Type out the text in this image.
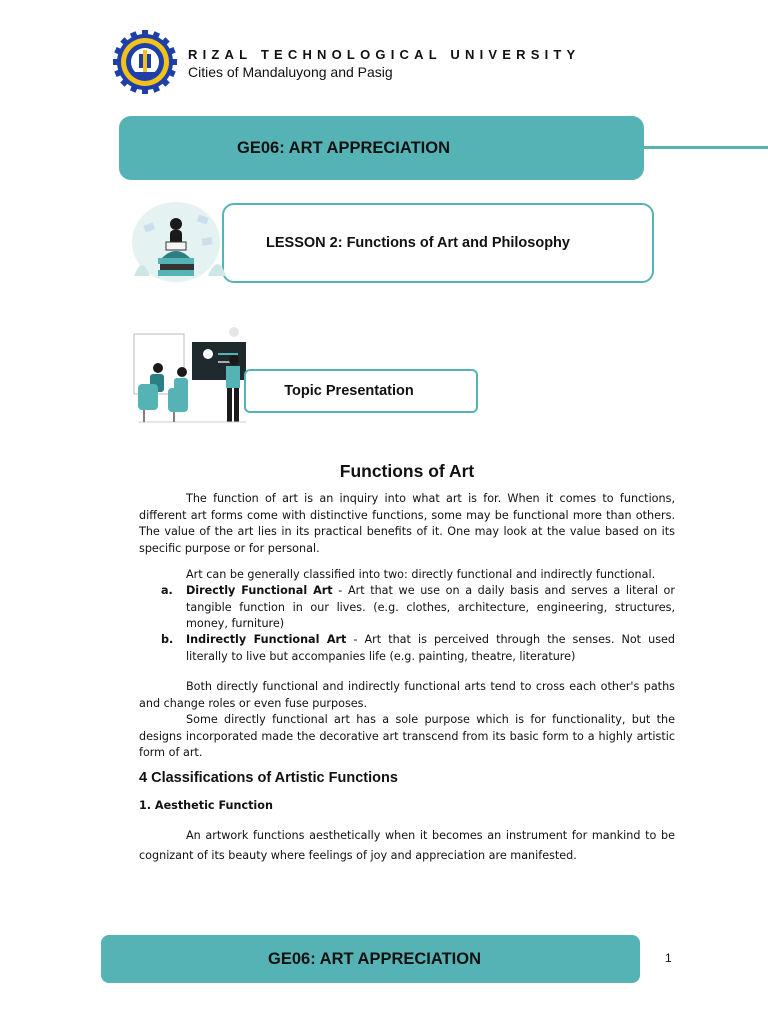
RIZAL TECHNOLOGICAL UNIVERSITY
Cities of Mandaluyong and Pasig
GE06: ART APPRECIATION
LESSON 2: Functions of Art and Philosophy
Topic Presentation
Functions of Art
The function of art is an inquiry into what art is for. When it comes to functions, different art forms come with distinctive functions, some may be functional more than others. The value of the art lies in its practical benefits of it. One may look at the value based on its specific purpose or for personal.
Art can be generally classified into two: directly functional and indirectly functional.
a. Directly Functional Art - Art that we use on a daily basis and serves a literal or tangible function in our lives. (e.g. clothes, architecture, engineering, structures, money, furniture)
b. Indirectly Functional Art - Art that is perceived through the senses. Not used literally to live but accompanies life (e.g. painting, theatre, literature)
Both directly functional and indirectly functional arts tend to cross each other's paths and change roles or even fuse purposes.
Some directly functional art has a sole purpose which is for functionality, but the designs incorporated made the decorative art transcend from its basic form to a highly artistic form of art.
4 Classifications of Artistic Functions
1. Aesthetic Function
An artwork functions aesthetically when it becomes an instrument for mankind to be cognizant of its beauty where feelings of joy and appreciation are manifested.
GE06: ART APPRECIATION	1
